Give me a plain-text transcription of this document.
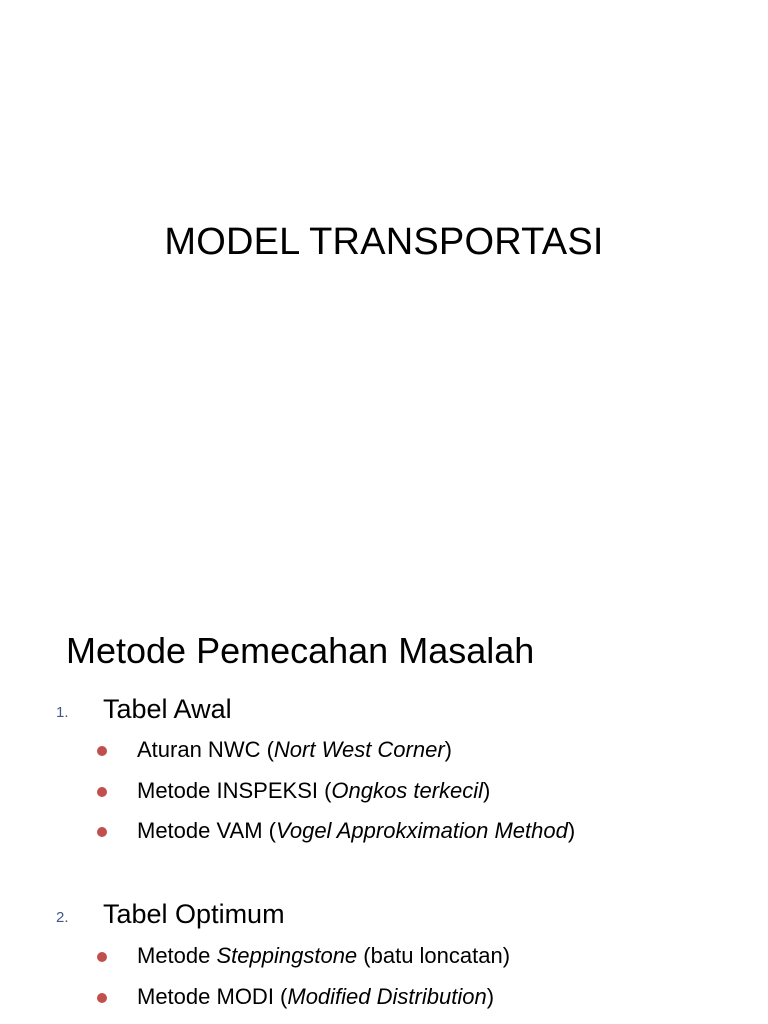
MODEL TRANSPORTASI
Metode Pemecahan Masalah
1. Tabel Awal
Aturan NWC (Nort West Corner)
Metode INSPEKSI (Ongkos terkecil)
Metode VAM (Vogel Approkximation Method)
2. Tabel Optimum
Metode Steppingstone (batu loncatan)
Metode MODI (Modified Distribution)
